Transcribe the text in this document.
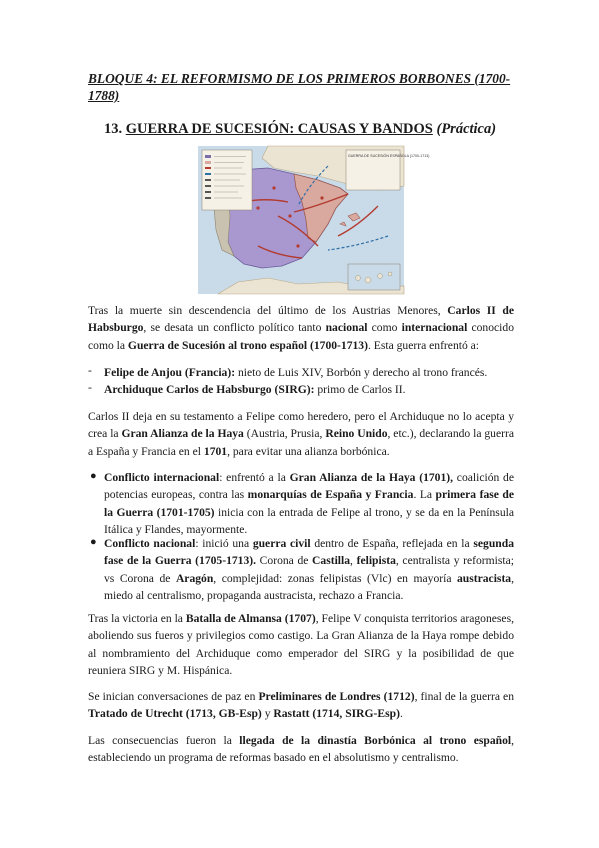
BLOQUE 4: EL REFORMISMO DE LOS PRIMEROS BORBONES (1700-1788)
13. GUERRA DE SUCESIÓN: CAUSAS Y BANDOS (Práctica)
GUERRA DE SUCESIÓN ESPAÑOLA (1700-1713)
Tras la muerte sin descendencia del último de los Austrias Menores, Carlos II de Habsburgo, se desata un conflicto político tanto nacional como internacional conocido como la Guerra de Sucesión al trono español (1700-1713). Esta guerra enfrentó a:
- Felipe de Anjou (Francia): nieto de Luis XIV, Borbón y derecho al trono francés.
- Archiduque Carlos de Habsburgo (SIRG): primo de Carlos II.
Carlos II deja en su testamento a Felipe como heredero, pero el Archiduque no lo acepta y crea la Gran Alianza de la Haya (Austria, Prusia, Reino Unido, etc.), declarando la guerra a España y Francia en el 1701, para evitar una alianza borbónica.
● Conflicto internacional: enfrentó a la Gran Alianza de la Haya (1701), coalición de potencias europeas, contra las monarquías de España y Francia. La primera fase de la Guerra (1701-1705) inicia con la entrada de Felipe al trono, y se da en la Península Itálica y Flandes, mayormente.
● Conflicto nacional: inició una guerra civil dentro de España, reflejada en la segunda fase de la Guerra (1705-1713). Corona de Castilla, felipista, centralista y reformista; vs Corona de Aragón, complejidad: zonas felipistas (Vlc) en mayoría austracista, miedo al centralismo, propaganda austracista, rechazo a Francia.
Tras la victoria en la Batalla de Almansa (1707), Felipe V conquista territorios aragoneses, aboliendo sus fueros y privilegios como castigo. La Gran Alianza de la Haya rompe debido al nombramiento del Archiduque como emperador del SIRG y la posibilidad de que reuniera SIRG y M. Hispánica.
Se inician conversaciones de paz en Preliminares de Londres (1712), final de la guerra en Tratado de Utrecht (1713, GB-Esp) y Rastatt (1714, SIRG-Esp).
Las consecuencias fueron la llegada de la dinastía Borbónica al trono español, estableciendo un programa de reformas basado en el absolutismo y centralismo.
